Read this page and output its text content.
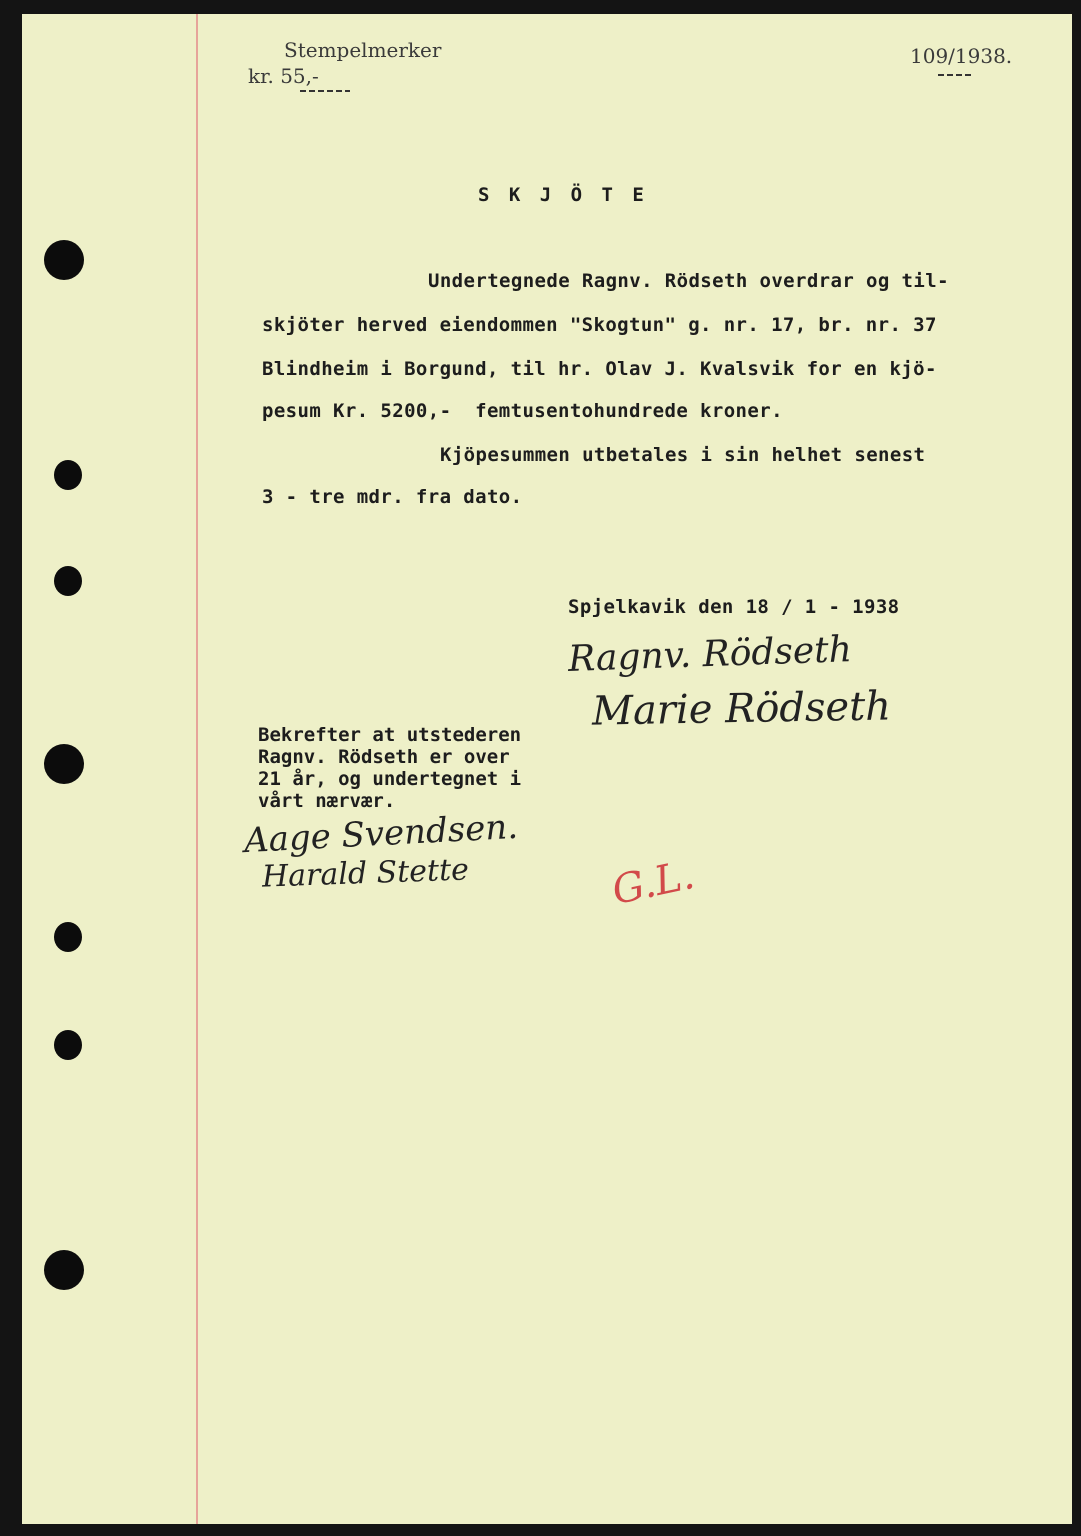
Stempelmerker
kr. 55,-
109/1938.
S K J Ö T E
Undertegnede Ragnv. Rödseth overdrar og til-
skjöter herved eiendommen "Skogtun" g. nr. 17, br. nr. 37
Blindheim i Borgund, til hr. Olav J. Kvalsvik for en kjö-
pesum Kr. 5200,-  femtusentohundrede kroner.
Kjöpesummen utbetales i sin helhet senest
3 - tre mdr. fra dato.
Spjelkavik den 18 / 1 - 1938
Ragnv. Rödseth
Marie Rödseth
Bekrefter at utstederen
Ragnv. Rödseth er over
21 år, og undertegnet i
vårt nærvær.
Aage Svendsen.
Harald Stette	G.L.
